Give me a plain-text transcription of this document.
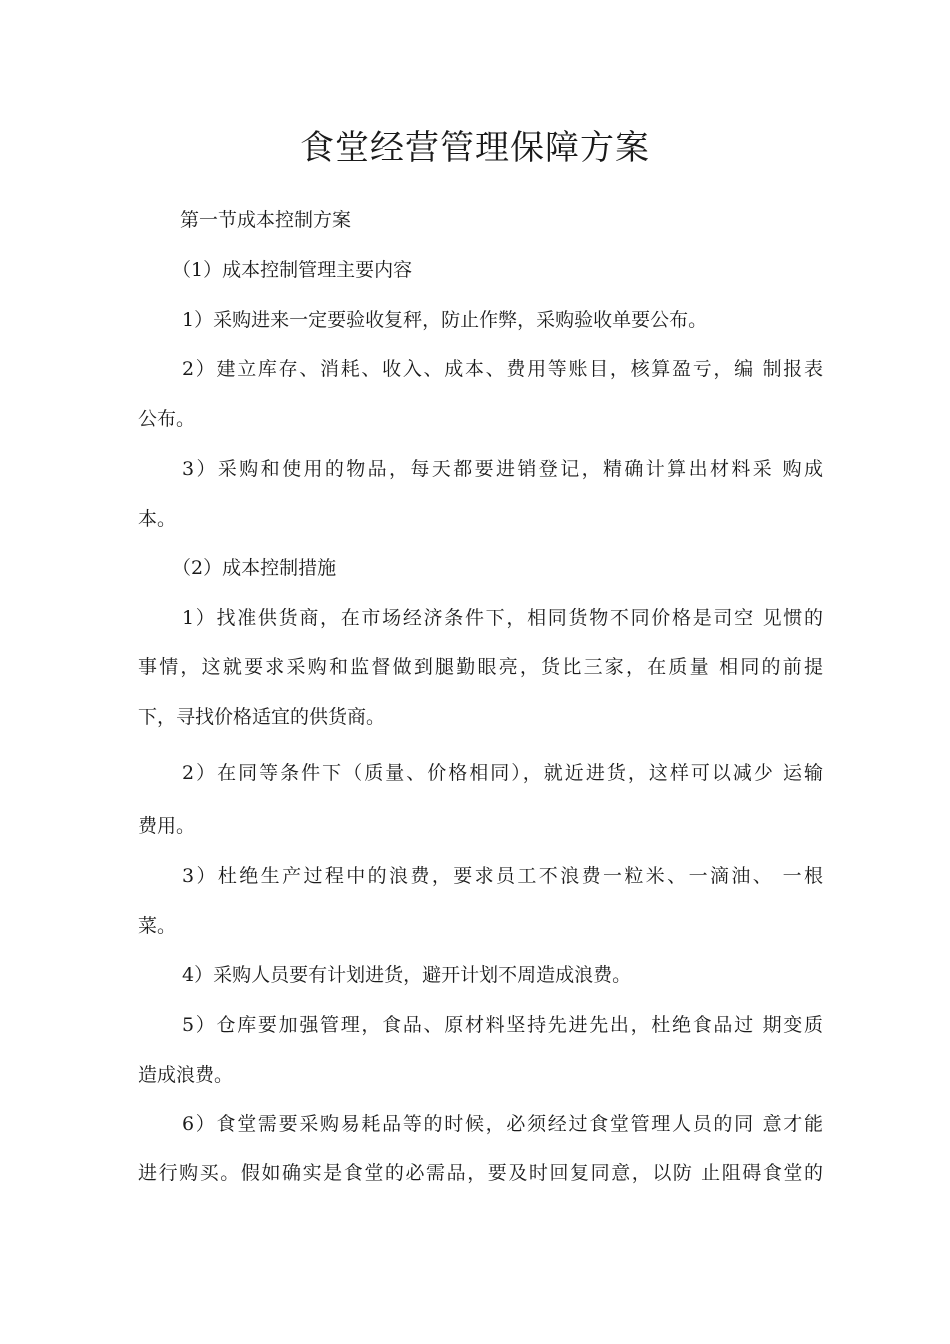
食堂经营管理保障方案

第一节成本控制方案

（1）成本控制管理主要内容

1）采购进来一定要验收复秤，防止作弊，采购验收单要公布。

2）建立库存、消耗、收入、成本、费用等账目，核算盈亏，编 制报表

公布。

3）采购和使用的物品，每天都要进销登记，精确计算出材料采 购成

本。

（2）成本控制措施

1）找准供货商，在市场经济条件下，相同货物不同价格是司空 见惯的

事情，这就要求采购和监督做到腿勤眼亮，货比三家，在质量 相同的前提

下，寻找价格适宜的供货商。

2）在同等条件下（质量、价格相同），就近进货，这样可以减少 运输

费用。

3）杜绝生产过程中的浪费，要求员工不浪费一粒米、一滴油、 一根

菜。

4）采购人员要有计划进货，避开计划不周造成浪费。

5）仓库要加强管理，食品、原材料坚持先进先出，杜绝食品过 期变质

造成浪费。

6）食堂需要采购易耗品等的时候，必须经过食堂管理人员的同 意才能

进行购买。假如确实是食堂的必需品，要及时回复同意，以防 止阻碍食堂的
